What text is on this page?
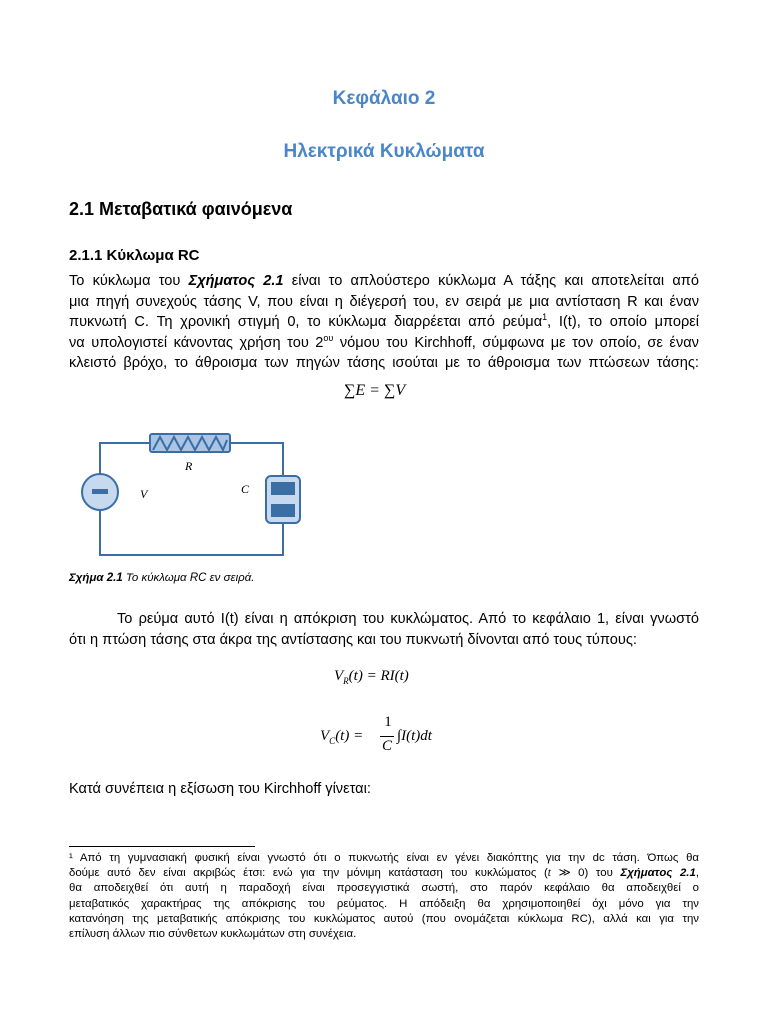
Κεφάλαιο 2
Ηλεκτρικά Κυκλώματα
2.1 Μεταβατικά φαινόμενα
2.1.1 Κύκλωμα RC
Το κύκλωμα του Σχήματος 2.1 είναι το απλούστερο κύκλωμα Α τάξης και αποτελείται από
μια πηγή συνεχούς τάσης V, που είναι η διέγερσή του, εν σειρά με μια αντίσταση R και έναν
πυκνωτή C. Τη χρονική στιγμή 0, το κύκλωμα διαρρέεται από ρεύμα$^1$, I(t), το οποίο μπορεί
να υπολογιστεί κάνοντας χρήση του $2^{o\upsilon}$ νόμου του Kirchhoff, σύμφωνα με τον οποίο, σε έναν
κλειστό βρόχο, το άθροισμα των πηγών τάσης ισούται με το άθροισμα των πτώσεων τάσης:
∑E = ∑V
R
C
V
Σχήμα 2.1 Το κύκλωμα RC εν σειρά.
Το ρεύμα αυτό I(t) είναι η απόκριση του κυκλώματος. Από το κεφάλαιο 1, είναι γνωστό
ότι η πτώση τάσης στα άκρα της αντίστασης και του πυκνωτή δίνονται από τους τύπους:
$V_R(t) = RI(t)$
$V_C(t)$ =
1
C
∫I(t)dt
Κατά συνέπεια η εξίσωση του Kirchhoff γίνεται:
¹ Από τη γυμνασιακή φυσική είναι γνωστό ότι ο πυκνωτής είναι εν γένει διακόπτης για την dc τάση. Όπως θα
δούμε αυτό δεν είναι ακριβώς έτσι: ενώ για την μόνιμη κατάσταση του κυκλώματος (t ≫ 0) του Σχήματος 2.1,
θα αποδειχθεί ότι αυτή η παραδοχή είναι προσεγγιστικά σωστή, στο παρόν κεφάλαιο θα αποδειχθεί ο
μεταβατικός χαρακτήρας της απόκρισης του ρεύματος. Η απόδειξη θα χρησιμοποιηθεί όχι μόνο για την
κατανόηση της μεταβατικής απόκρισης του κυκλώματος αυτού (που ονομάζεται κύκλωμα RC), αλλά και για την
επίλυση άλλων πιο σύνθετων κυκλωμάτων στη συνέχεια.
